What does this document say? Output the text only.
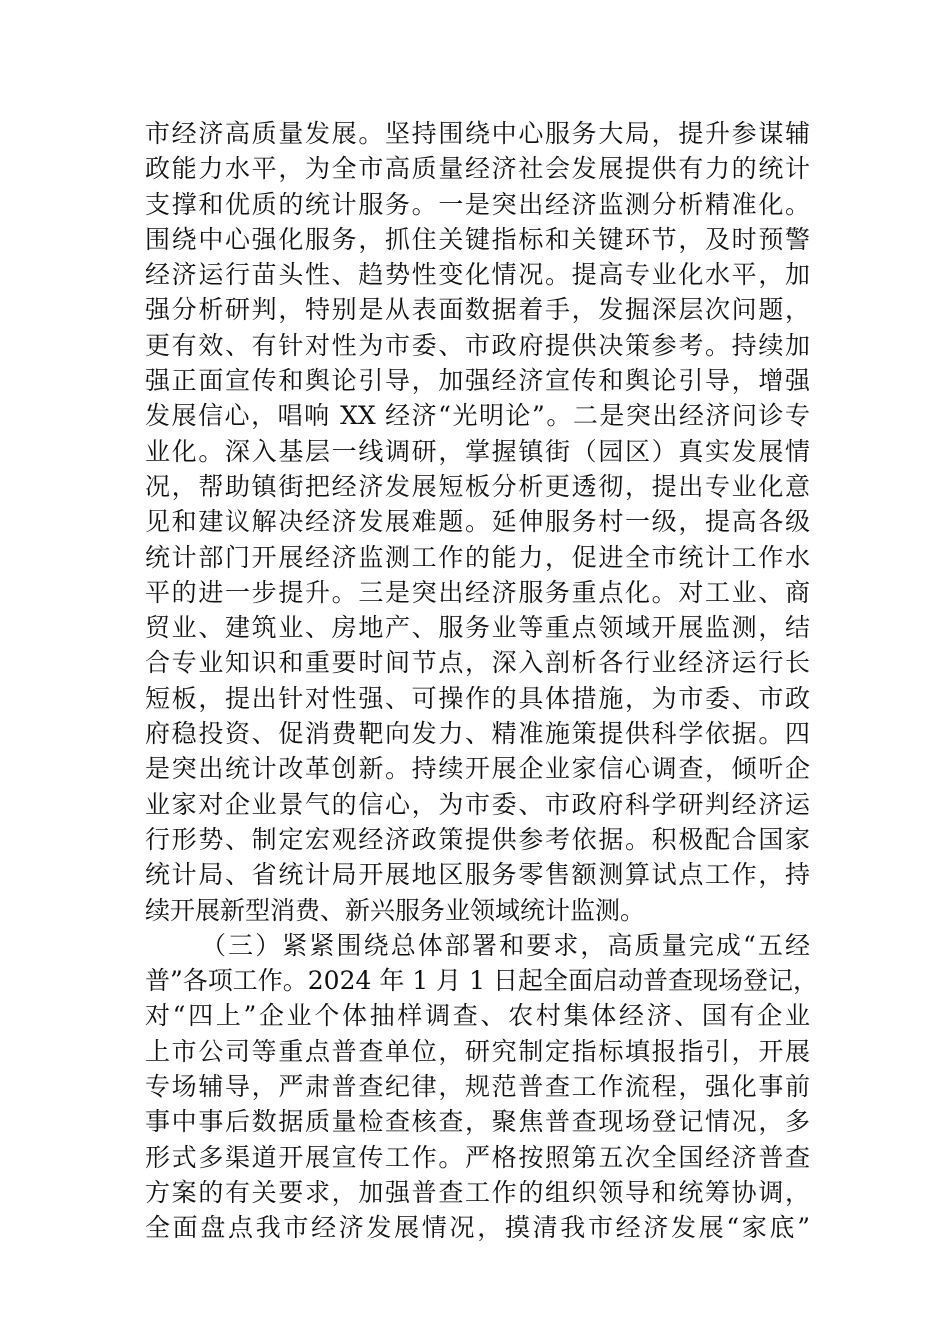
市经济高质量发展。坚持围绕中心服务大局，提升参谋辅
政能力水平，为全市高质量经济社会发展提供有力的统计
支撑和优质的统计服务。一是突出经济监测分析精准化。
围绕中心强化服务，抓住关键指标和关键环节，及时预警
经济运行苗头性、趋势性变化情况。提高专业化水平，加
强分析研判，特别是从表面数据着手，发掘深层次问题，
更有效、有针对性为市委、市政府提供决策参考。持续加
强正面宣传和舆论引导，加强经济宣传和舆论引导，增强
发展信心，唱响 XX 经济“光明论”。二是突出经济问诊专
业化。深入基层一线调研，掌握镇街（园区）真实发展情
况，帮助镇街把经济发展短板分析更透彻，提出专业化意
见和建议解决经济发展难题。延伸服务村一级，提高各级
统计部门开展经济监测工作的能力，促进全市统计工作水
平的进一步提升。三是突出经济服务重点化。对工业、商
贸业、建筑业、房地产、服务业等重点领域开展监测，结
合专业知识和重要时间节点，深入剖析各行业经济运行长
短板，提出针对性强、可操作的具体措施，为市委、市政
府稳投资、促消费靶向发力、精准施策提供科学依据。四
是突出统计改革创新。持续开展企业家信心调查，倾听企
业家对企业景气的信心，为市委、市政府科学研判经济运
行形势、制定宏观经济政策提供参考依据。积极配合国家
统计局、省统计局开展地区服务零售额测算试点工作，持
续开展新型消费、新兴服务业领域统计监测。
（三）紧紧围绕总体部署和要求，高质量完成“五经
普”各项工作。2024 年 1 月 1 日起全面启动普查现场登记，
对“四上”企业个体抽样调查、农村集体经济、国有企业
上市公司等重点普查单位，研究制定指标填报指引，开展
专场辅导，严肃普查纪律，规范普查工作流程，强化事前
事中事后数据质量检查核查，聚焦普查现场登记情况，多
形式多渠道开展宣传工作。严格按照第五次全国经济普查
方案的有关要求，加强普查工作的组织领导和统筹协调，
全面盘点我市经济发展情况，摸清我市经济发展“家底”
